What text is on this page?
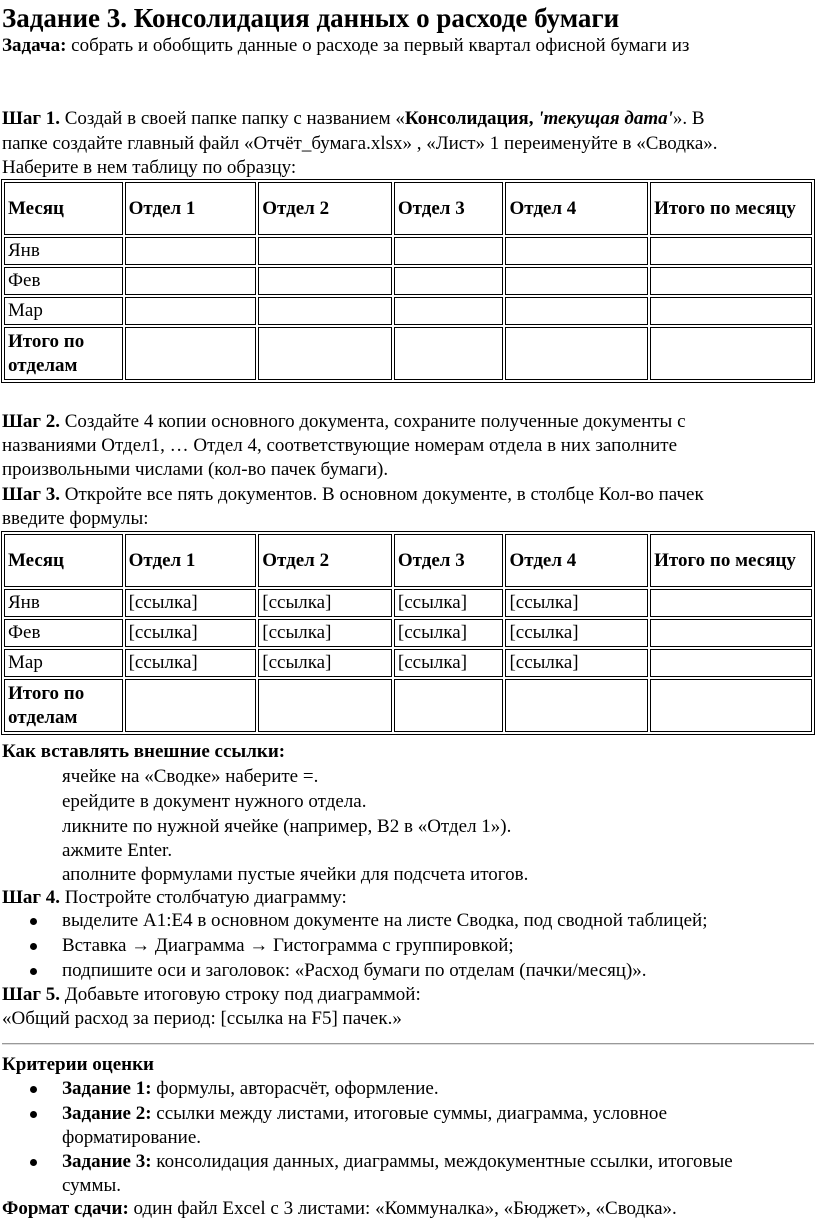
Задание 3. Консолидация данных о расходе бумаги
Задача: собрать и обобщить данные о расходе за первый квартал офисной бумаги из
Шаг 1. Создай в своей папке папку с названием «Консолидация, 'текущая дата'». В
папке создайте главный файл «Отчёт_бумага.xlsx» , «Лист» 1 переименуйте в «Сводка».
Наберите в нем таблицу по образцу:
Месяц	Отдел 1	Отдел 2	Отдел 3	Отдел 4	Итого по месяцу
Янв					
Фев					
Мар					
Итого по отделам					
Шаг 2. Создайте 4 копии основного документа, сохраните полученные документы с
названиями Отдел1, … Отдел 4, соответствующие номерам отдела в них заполните
произвольными числами (кол-во пачек бумаги).
Шаг 3. Откройте все пять документов. В основном документе, в столбце Кол-во пачек
введите формулы:
Месяц	Отдел 1	Отдел 2	Отдел 3	Отдел 4	Итого по месяцу
Янв	[ссылка]	[ссылка]	[ссылка]	[ссылка]	
Фев	[ссылка]	[ссылка]	[ссылка]	[ссылка]	
Мар	[ссылка]	[ссылка]	[ссылка]	[ссылка]	
Итого по отделам					
Как вставлять внешние ссылки:
ячейке на «Сводке» наберите =.
ерейдите в документ нужного отдела.
ликните по нужной ячейке (например, B2 в «Отдел 1»).
ажмите Enter.
аполните формулами пустые ячейки для подсчета итогов.
Шаг 4. Постройте столбчатую диаграмму:
выделите A1:E4 в основном документе на листе Сводка, под сводной таблицей;
Вставка → Диаграмма → Гистограмма с группировкой;
подпишите оси и заголовок: «Расход бумаги по отделам (пачки/месяц)».
Шаг 5. Добавьте итоговую строку под диаграммой:
«Общий расход за период: [ссылка на F5] пачек.»
Критерии оценки
Задание 1: формулы, авторасчёт, оформление.
Задание 2: ссылки между листами, итоговые суммы, диаграмма, условное
форматирование.
Задание 3: консолидация данных, диаграммы, междокументные ссылки, итоговые
суммы.
Формат сдачи: один файл Excel с 3 листами: «Коммуналка», «Бюджет», «Сводка».
